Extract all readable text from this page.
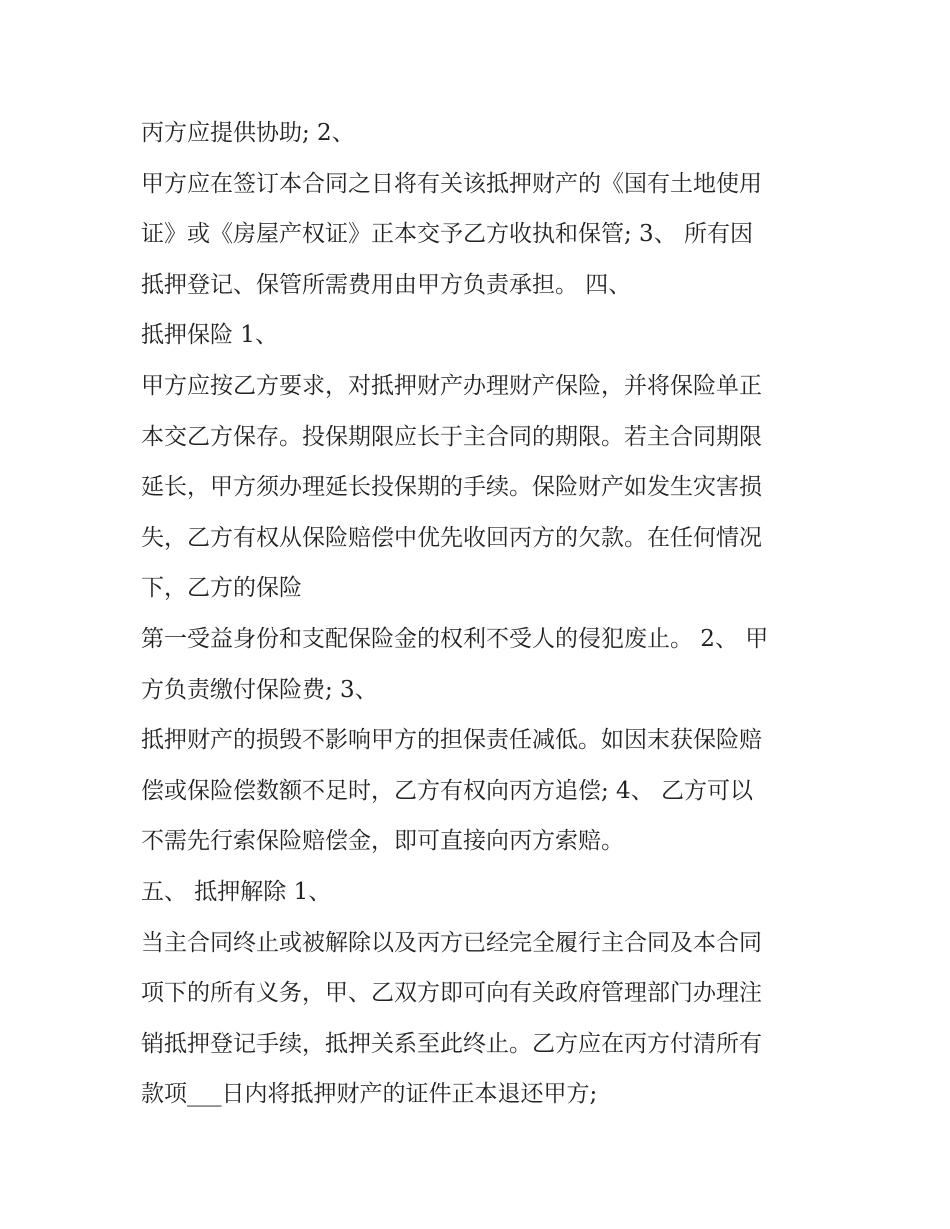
丙方应提供协助; 2、
甲方应在签订本合同之日将有关该抵押财产的《国有土地使用
证》或《房屋产权证》正本交予乙方收执和保管; 3、 所有因
抵押登记、保管所需费用由甲方负责承担。 四、
抵押保险 1、
甲方应按乙方要求，对抵押财产办理财产保险，并将保险单正
本交乙方保存。投保期限应长于主合同的期限。若主合同期限
延长，甲方须办理延长投保期的手续。保险财产如发生灾害损
失，乙方有权从保险赔偿中优先收回丙方的欠款。在任何情况
下，乙方的保险
第一受益身份和支配保险金的权利不受人的侵犯废止。 2、 甲
方负责缴付保险费; 3、
抵押财产的损毁不影响甲方的担保责任减低。如因末获保险赔
偿或保险偿数额不足时，乙方有权向丙方追偿; 4、 乙方可以
不需先行索保险赔偿金，即可直接向丙方索赔。
五、 抵押解除 1、
当主合同终止或被解除以及丙方已经完全履行主合同及本合同
项下的所有义务，甲、乙双方即可向有关政府管理部门办理注
销抵押登记手续，抵押关系至此终止。乙方应在丙方付清所有
款项___日内将抵押财产的证件正本退还甲方;
